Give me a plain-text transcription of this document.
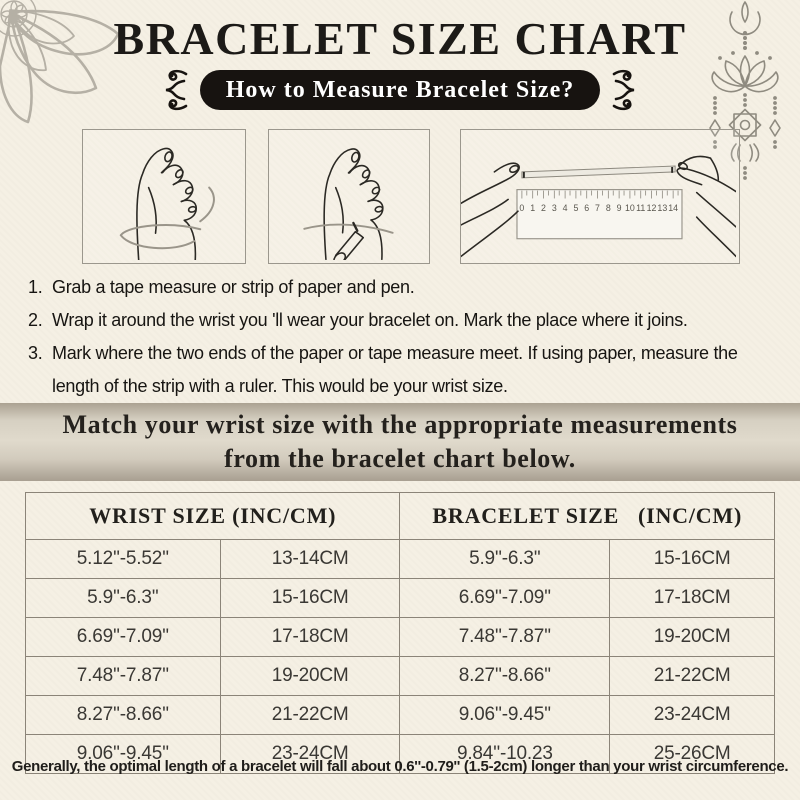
BRACELET SIZE CHART
How to Measure Bracelet Size?
0 1 2 3 4 5 6 7 8 9 10 11 12 13 14
1. Grab a tape measure or strip of paper and pen.
2. Wrap it around the wrist you 'll wear your bracelet on. Mark the place where it joins.
3. Mark where the two ends of the paper or tape measure meet. If using paper, measure the length of the strip with a ruler. This would be your wrist size.
Match your wrist size with the appropriate measurements
from the bracelet chart below.
WRIST SIZE (INC/CM)		BRACELET SIZE   (INC/CM)	
5.12''-5.52''	13-14CM	5.9''-6.3''	15-16CM
5.9''-6.3''	15-16CM	6.69''-7.09''	17-18CM
6.69''-7.09''	17-18CM	7.48''-7.87''	19-20CM
7.48''-7.87''	19-20CM	8.27''-8.66''	21-22CM
8.27''-8.66''	21-22CM	9.06''-9.45''	23-24CM
9.06''-9.45''	23-24CM	9.84''-10.23	25-26CM
Generally, the optimal length of a bracelet will fall about 0.6''-0.79'' (1.5-2cm) longer than your wrist circumference.
